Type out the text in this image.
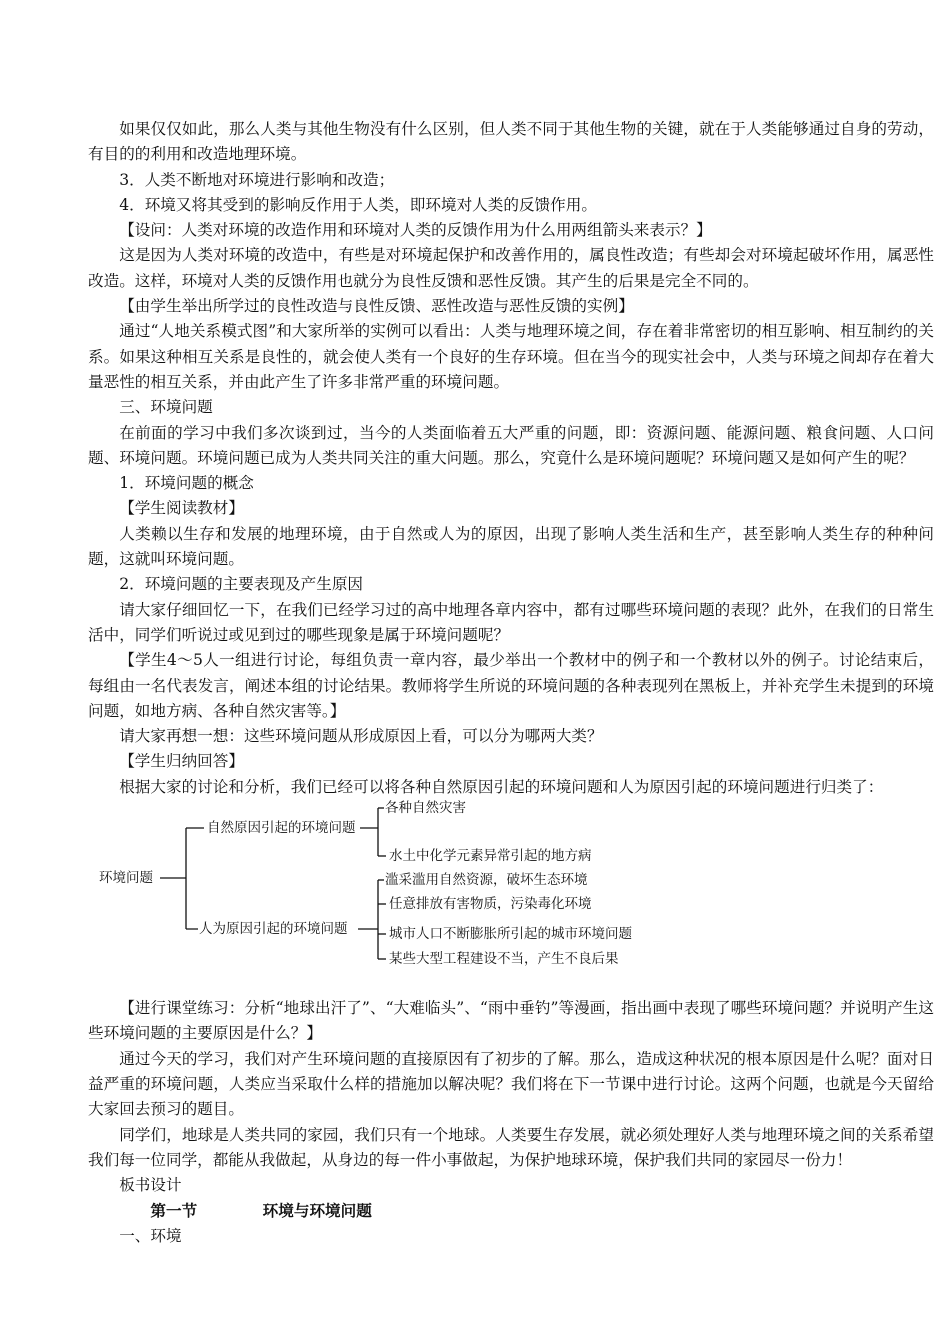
如果仅仅如此，那么人类与其他生物没有什么区别，但人类不同于其他生物的关键，就在于人类能够通过自身的劳动，有目的的利用和改造地理环境。

3．人类不断地对环境进行影响和改造；

4．环境又将其受到的影响反作用于人类，即环境对人类的反馈作用。

【设问：人类对环境的改造作用和环境对人类的反馈作用为什么用两组箭头来表示？】

这是因为人类对环境的改造中，有些是对环境起保护和改善作用的，属良性改造；有些却会对环境起破坏作用，属恶性改造。这样，环境对人类的反馈作用也就分为良性反馈和恶性反馈。其产生的后果是完全不同的。

【由学生举出所学过的良性改造与良性反馈、恶性改造与恶性反馈的实例】

通过“人地关系模式图”和大家所举的实例可以看出：人类与地理环境之间，存在着非常密切的相互影响、相互制约的关系。如果这种相互关系是良性的，就会使人类有一个良好的生存环境。但在当今的现实社会中，人类与环境之间却存在着大量恶性的相互关系，并由此产生了许多非常严重的环境问题。

三、环境问题

在前面的学习中我们多次谈到过，当今的人类面临着五大严重的问题，即：资源问题、能源问题、粮食问题、人口问题、环境问题。环境问题已成为人类共同关注的重大问题。那么，究竟什么是环境问题呢？环境问题又是如何产生的呢？

1．环境问题的概念

【学生阅读教材】

人类赖以生存和发展的地理环境，由于自然或人为的原因，出现了影响人类生活和生产，甚至影响人类生存的种种问题，这就叫环境问题。

2．环境问题的主要表现及产生原因

请大家仔细回忆一下，在我们已经学习过的高中地理各章内容中，都有过哪些环境问题的表现？此外，在我们的日常生活中，同学们听说过或见到过的哪些现象是属于环境问题呢？

【学生4～5人一组进行讨论，每组负责一章内容，最少举出一个教材中的例子和一个教材以外的例子。讨论结束后，每组由一名代表发言，阐述本组的讨论结果。教师将学生所说的环境问题的各种表现列在黑板上，并补充学生未提到的环境问题，如地方病、各种自然灾害等。】

请大家再想一想：这些环境问题从形成原因上看，可以分为哪两大类？

【学生归纳回答】

根据大家的讨论和分析，我们已经可以将各种自然原因引起的环境问题和人为原因引起的环境问题进行归类了：

环境问题
自然原因引起的环境问题
人为原因引起的环境问题
各种自然灾害
水土中化学元素异常引起的地方病
滥采滥用自然资源，破坏生态环境
任意排放有害物质，污染毒化环境
城市人口不断膨胀所引起的城市环境问题
某些大型工程建设不当，产生不良后果

【进行课堂练习：分析“地球出汗了”、“大难临头”、“雨中垂钓”等漫画，指出画中表现了哪些环境问题？并说明产生这些环境问题的主要原因是什么？】

通过今天的学习，我们对产生环境问题的直接原因有了初步的了解。那么，造成这种状况的根本原因是什么呢？面对日益严重的环境问题，人类应当采取什么样的措施加以解决呢？我们将在下一节课中进行讨论。这两个问题，也就是今天留给大家回去预习的题目。

同学们，地球是人类共同的家园，我们只有一个地球。人类要生存发展，就必须处理好人类与地理环境之间的关系希望我们每一位同学，都能从我做起，从身边的每一件小事做起，为保护地球环境，保护我们共同的家园尽一份力！

板书设计

第一节	环境与环境问题

一、环境
